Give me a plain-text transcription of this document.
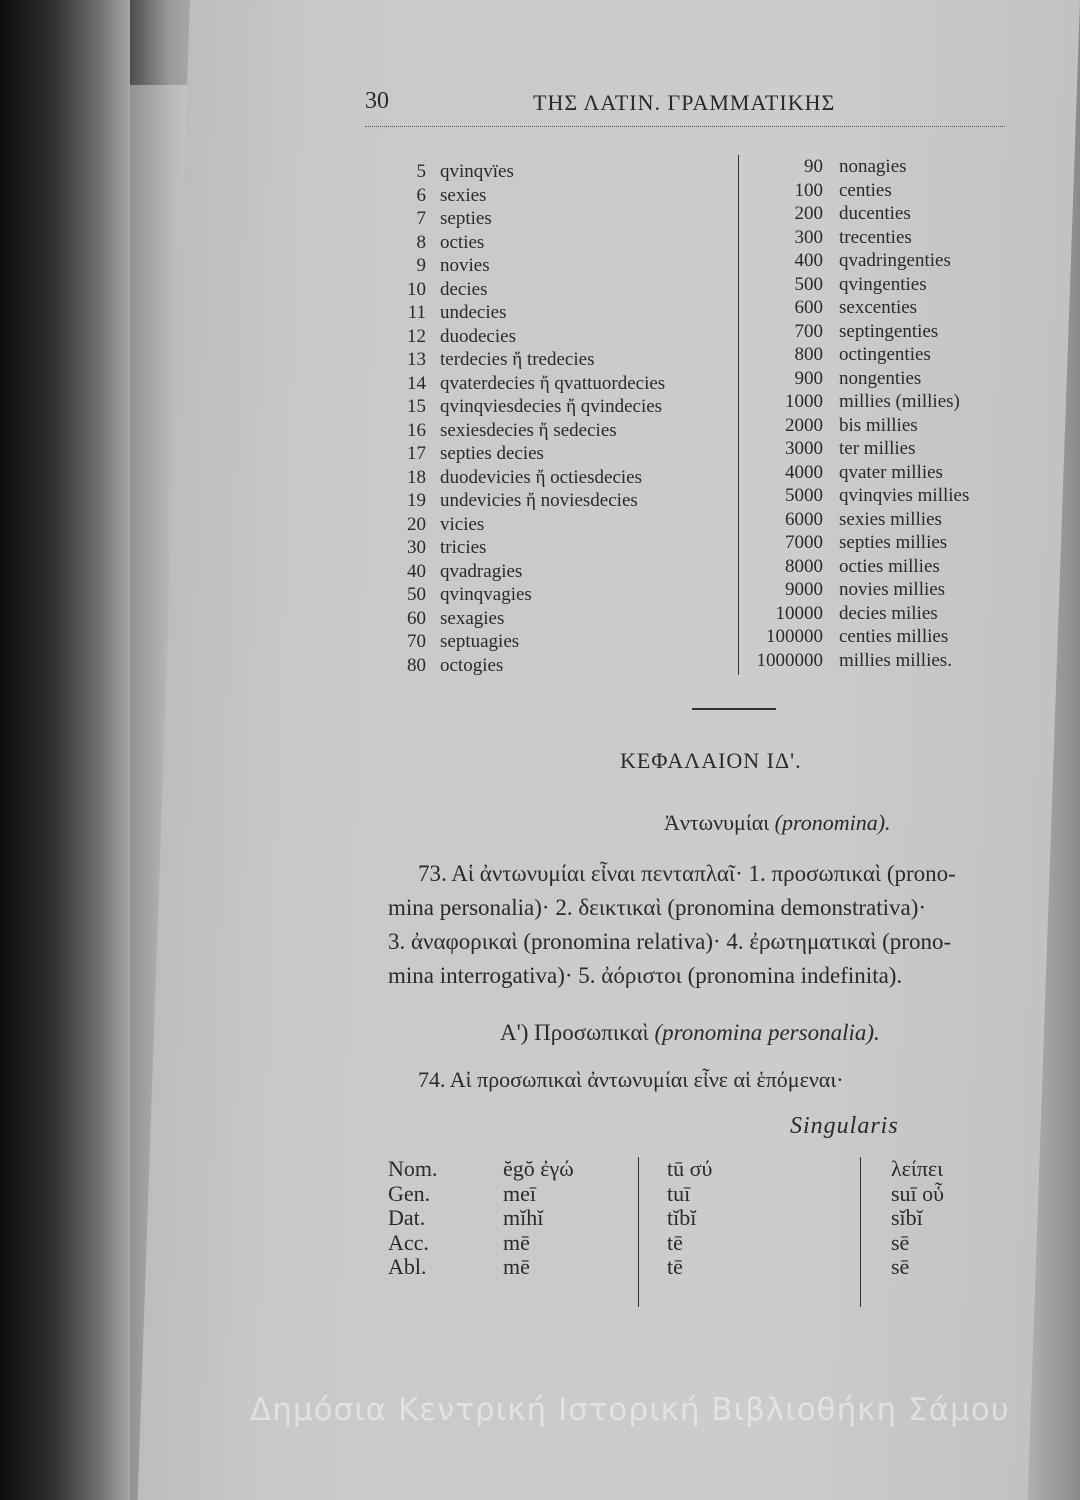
30	ΤΗΣ ΛΑΤΙΝ. ΓΡΑΜΜΑΤΙΚΗΣ
5 qvinqvïes
6 sexies
7 septies
8 octies
9 novies
10 decies
11 undecies
12 duodecies
13 terdecies ἤ tredecies
14 qvaterdecies ἤ qvattuordecies
15 qvinqviesdecies ἤ qvindecies
16 sexiesdecies ἤ sedecies
17 septies decies
18 duodevicies ἤ octiesdecies
19 undevicies ἤ noviesdecies
20 vicies
30 tricies
40 qvadragies
50 qvinqvagies
60 sexagies
70 septuagies
80 octogies
90 nonagies
100 centies
200 ducenties
300 trecenties
400 qvadringenties
500 qvingenties
600 sexcenties
700 septingenties
800 octingenties
900 nongenties
1000 millies (millies)
2000 bis millies
3000 ter millies
4000 qvater millies
5000 qvinqvies millies
6000 sexies millies
7000 septies millies
8000 octies millies
9000 novies millies
10000 decies milies
100000 centies millies
1000000 millies millies.
ΚΕΦΑΛΑΙΟΝ ΙΔ'.
Ἀντωνυμίαι (pronomina).
73. Αἱ ἀντωνυμίαι εἶναι πενταπλαῖ· 1. προσωπικαὶ (prono-
mina personalia)· 2. δεικτικαὶ (pronomina demonstrativa)·
3. ἀναφορικαὶ (pronomina relativa)· 4. ἐρωτηματικαὶ (prono-
mina interrogativa)· 5. ἀόριστοι (pronomina indefinita).
Α') Προσωπικαὶ (pronomina personalia).
74. Αἱ προσωπικαὶ ἀντωνυμίαι εἶνε αἱ ἑπόμεναι·
Singularis
Nom.
Gen.
Dat.
Acc.
Abl.
ĕgŏ ἐγώ
meī
mĭhĭ
mē
mē
tū σύ
tuī
tĭbĭ
tē
tē
λείπει
suī οὗ
sĭbĭ
sē
sē
Δημόσια Κεντρική Ιστορική Βιβλιοθήκη Σάμου
